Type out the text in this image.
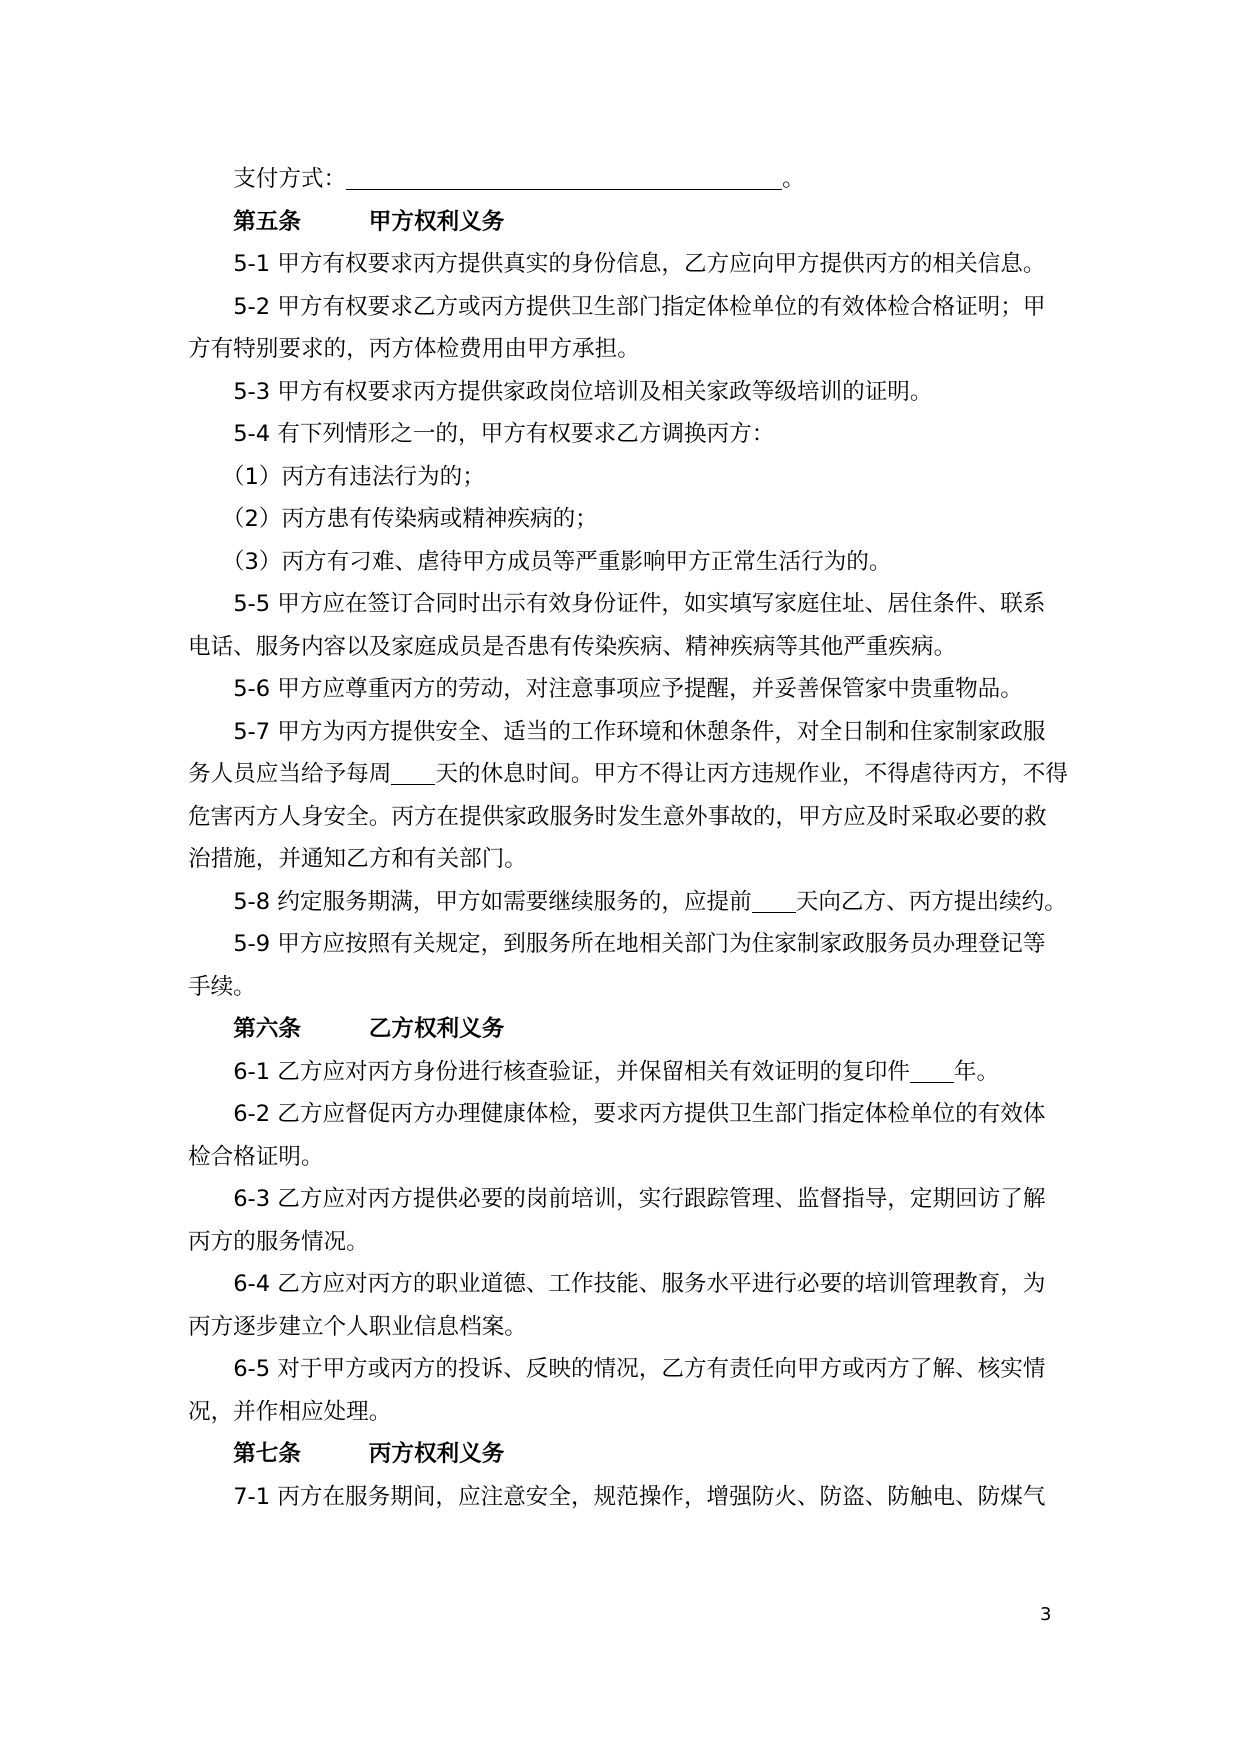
支付方式：	。

第五条	甲方权利义务

5-1 甲方有权要求丙方提供真实的身份信息，乙方应向甲方提供丙方的相关信息。

5-2 甲方有权要求乙方或丙方提供卫生部门指定体检单位的有效体检合格证明；甲方有特别要求的，丙方体检费用由甲方承担。

5-3 甲方有权要求丙方提供家政岗位培训及相关家政等级培训的证明。

5-4 有下列情形之一的，甲方有权要求乙方调换丙方：

（1）丙方有违法行为的；

（2）丙方患有传染病或精神疾病的；

（3）丙方有刁难、虐待甲方成员等严重影响甲方正常生活行为的。

5-5 甲方应在签订合同时出示有效身份证件，如实填写家庭住址、居住条件、联系电话、服务内容以及家庭成员是否患有传染疾病、精神疾病等其他严重疾病。

5-6 甲方应尊重丙方的劳动，对注意事项应予提醒，并妥善保管家中贵重物品。

5-7 甲方为丙方提供安全、适当的工作环境和休憩条件，对全日制和住家制家政服务人员应当给予每周 天的休息时间。甲方不得让丙方违规作业，不得虐待丙方，不得危害丙方人身安全。丙方在提供家政服务时发生意外事故的，甲方应及时采取必要的救治措施，并通知乙方和有关部门。

5-8 约定服务期满，甲方如需要继续服务的，应提前 天向乙方、丙方提出续约。

5-9 甲方应按照有关规定，到服务所在地相关部门为住家制家政服务员办理登记等手续。

第六条	乙方权利义务

6-1 乙方应对丙方身份进行核查验证，并保留相关有效证明的复印件 年。

6-2 乙方应督促丙方办理健康体检，要求丙方提供卫生部门指定体检单位的有效体检合格证明。

6-3 乙方应对丙方提供必要的岗前培训，实行跟踪管理、监督指导，定期回访了解丙方的服务情况。

6-4 乙方应对丙方的职业道德、工作技能、服务水平进行必要的培训管理教育，为丙方逐步建立个人职业信息档案。

6-5 对于甲方或丙方的投诉、反映的情况，乙方有责任向甲方或丙方了解、核实情况，并作相应处理。

第七条	丙方权利义务

7-1 丙方在服务期间，应注意安全，规范操作，增强防火、防盗、防触电、防煤气

3
